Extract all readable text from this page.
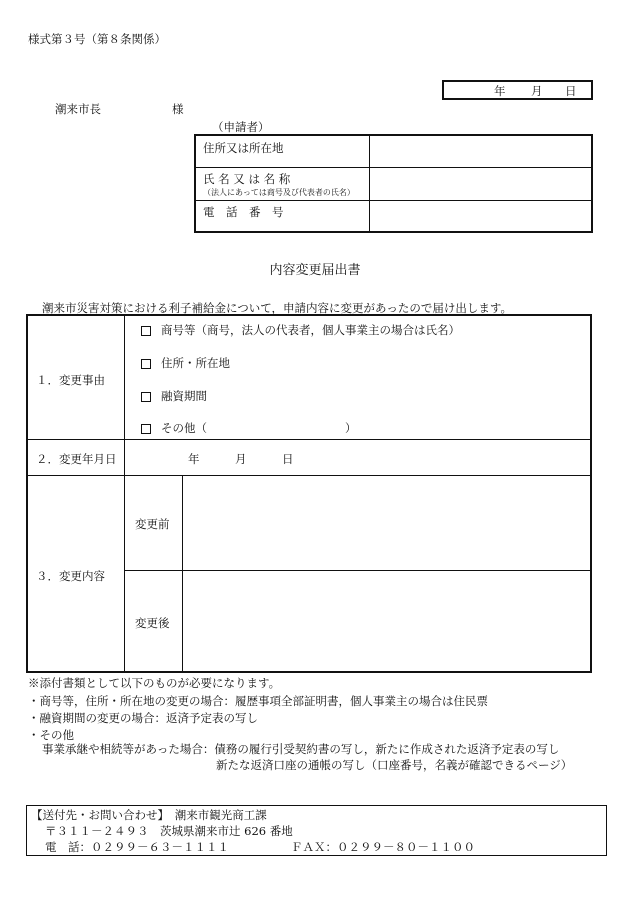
様式第３号（第８条関係）
年 月 日
潮来市長	様
（申請者）
住所又は所在地
氏 名 又 は 名 称
（法人にあっては商号及び代表者の氏名）
電　話　番　号
内容変更届出書
潮来市災害対策における利子補給金について，申請内容に変更があったので届け出します。
１．変更事由
商号等（商号，法人の代表者，個人事業主の場合は氏名）
住所・所在地
融資期間
その他（　　　　　　　　　　　　）
２．変更年月日	年	月	日
３．変更内容
変更前
変更後
※添付書類として以下のものが必要になります。
・商号等，住所・所在地の変更の場合：履歴事項全部証明書，個人事業主の場合は住民票
・融資期間の変更の場合：返済予定表の写し
・その他
事業承継や相続等があった場合：債務の履行引受契約書の写し，新たに作成された返済予定表の写し
新たな返済口座の通帳の写し（口座番号，名義が確認できるページ）
【送付先・お問い合わせ】　潮来市観光商工課
〒３１１－２４９３　茨城県潮来市辻 626 番地
電　話：０２９９－６３－１１１１	ＦＡＸ：０２９９－８０－１１００
